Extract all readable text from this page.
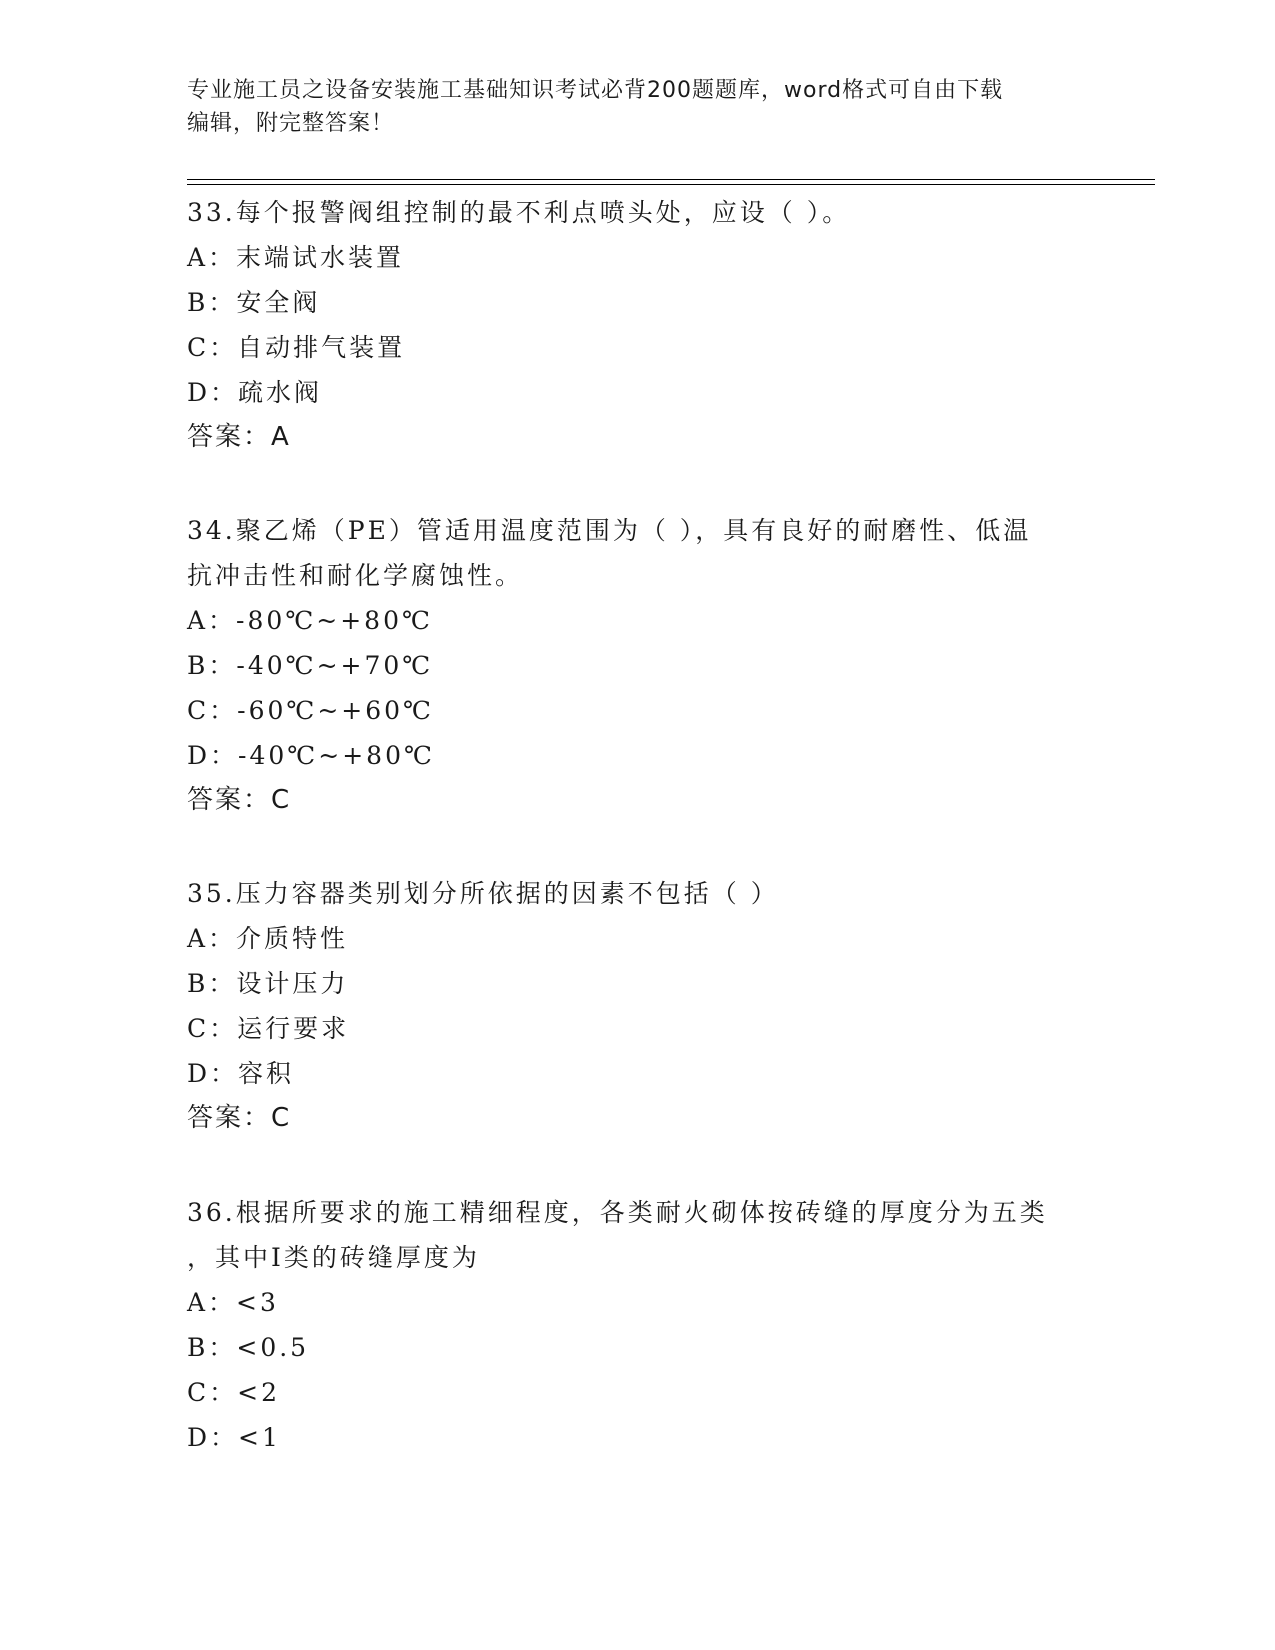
专业施工员之设备安装施工基础知识考试必背200题题库，word格式可自由下载
编辑，附完整答案！
33.每个报警阀组控制的最不利点喷头处，应设（ ）。
A：末端试水装置
B：安全阀
C：自动排气装置
D：疏水阀
答案：A
34.聚乙烯（PE）管适用温度范围为（ ），具有良好的耐磨性、低温
抗冲击性和耐化学腐蚀性。
A：-80℃~+80℃
B：-40℃~+70℃
C：-60℃~+60℃
D：-40℃~+80℃
答案：C
35.压力容器类别划分所依据的因素不包括（ ）
A：介质特性
B：设计压力
C：运行要求
D：容积
答案：C
36.根据所要求的施工精细程度，各类耐火砌体按砖缝的厚度分为五类
，其中Ⅰ类的砖缝厚度为
A：<3
B：<0.5
C：<2
D：<1
